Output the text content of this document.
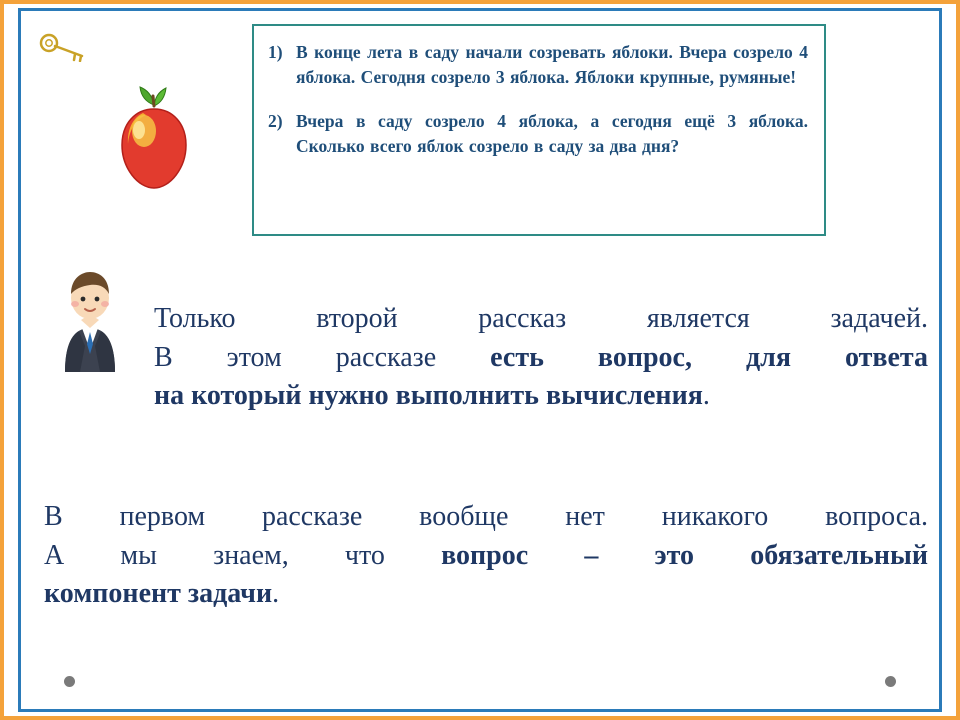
1) В конце лета в саду начали созревать яблоки. Вчера созрело 4 яблока. Сегодня созрело 3 яблока. Яблоки крупные, румяные!
2) Вчера в саду созрело 4 яблока, а сегодня ещё 3 яблока. Сколько всего яблок созрело в саду за два дня?
Только второй рассказ является задачей.
В этом рассказе есть вопрос, для ответа
на который нужно выполнить вычисления.
В первом рассказе вообще нет никакого вопроса.
А мы знаем, что вопрос – это обязательный
компонент задачи.
